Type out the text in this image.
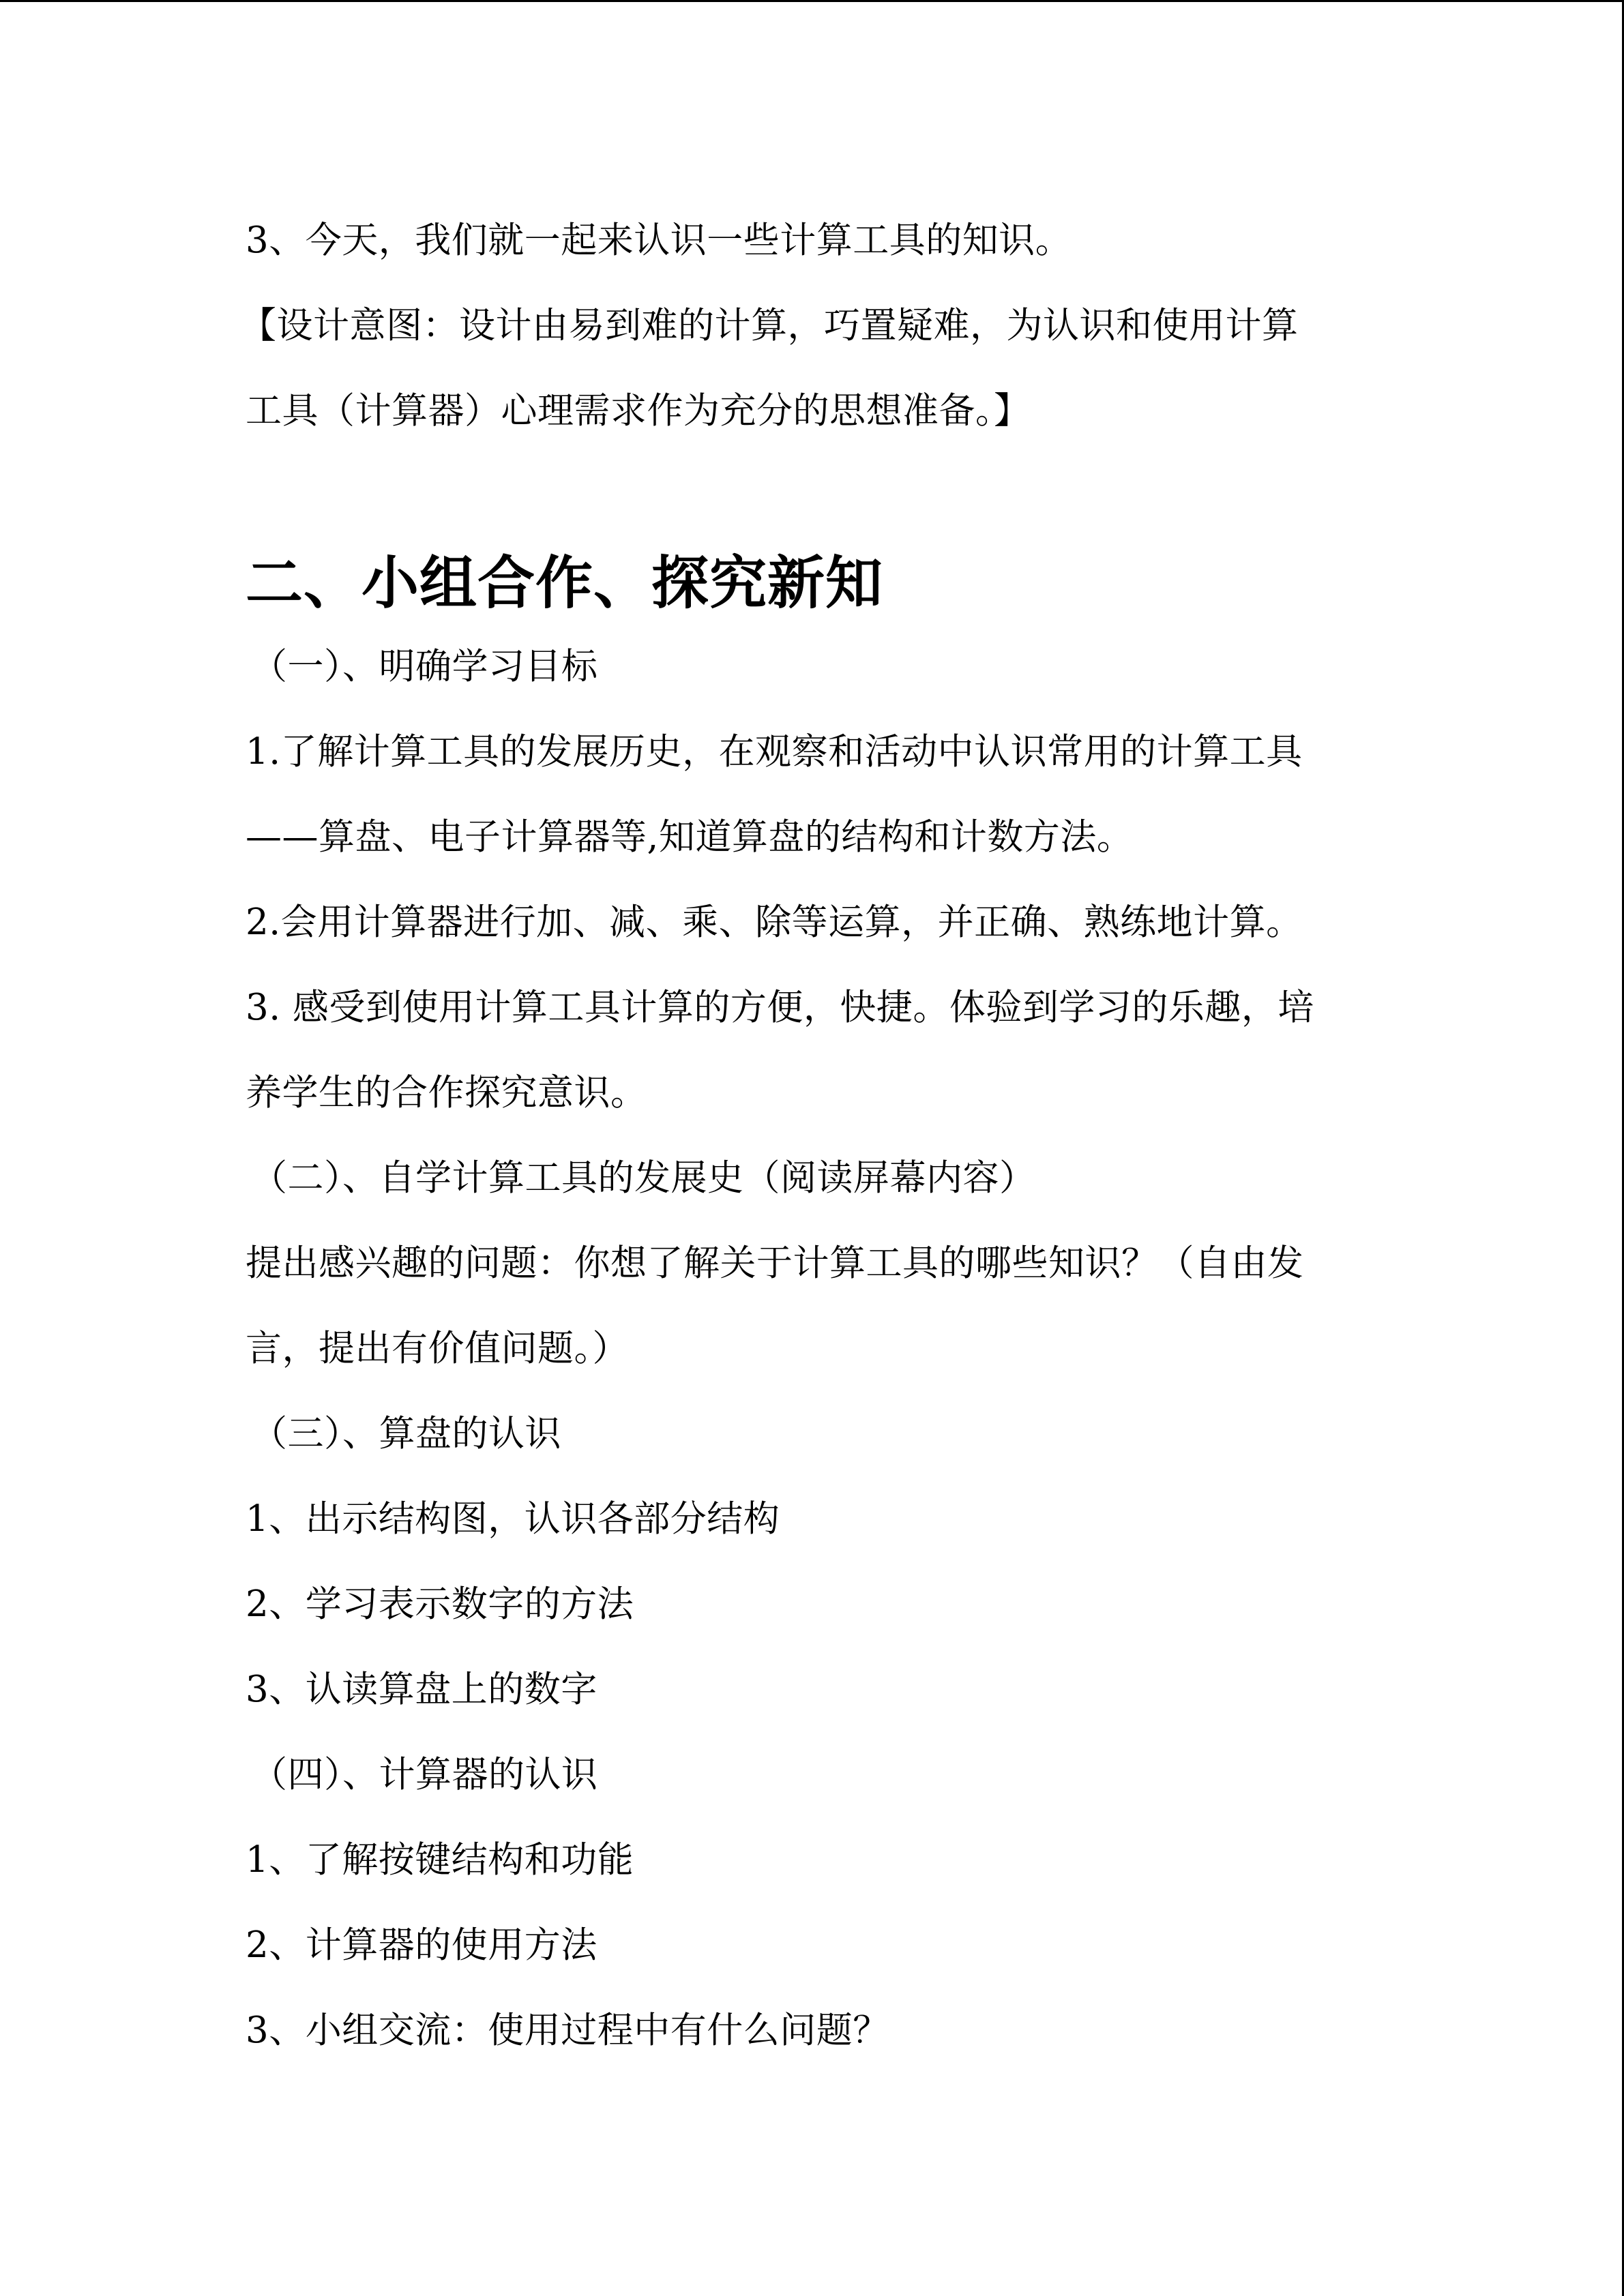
3、今天，我们就一起来认识一些计算工具的知识。
【设计意图：设计由易到难的计算，巧置疑难，为认识和使用计算
工具（计算器）心理需求作为充分的思想准备。】
二、小组合作、探究新知
（一）、明确学习目标
1.了解计算工具的发展历史，在观察和活动中认识常用的计算工具
——算盘、电子计算器等,知道算盘的结构和计数方法。
2.会用计算器进行加、减、乘、除等运算，并正确、熟练地计算。
3. 感受到使用计算工具计算的方便，快捷。体验到学习的乐趣，培
养学生的合作探究意识。
（二）、自学计算工具的发展史（阅读屏幕内容）
提出感兴趣的问题：你想了解关于计算工具的哪些知识？（自由发
言，提出有价值问题。）
（三）、算盘的认识
1、出示结构图，认识各部分结构
2、学习表示数字的方法
3、认读算盘上的数字
（四）、计算器的认识
1、了解按键结构和功能
2、计算器的使用方法
3、小组交流：使用过程中有什么问题？
